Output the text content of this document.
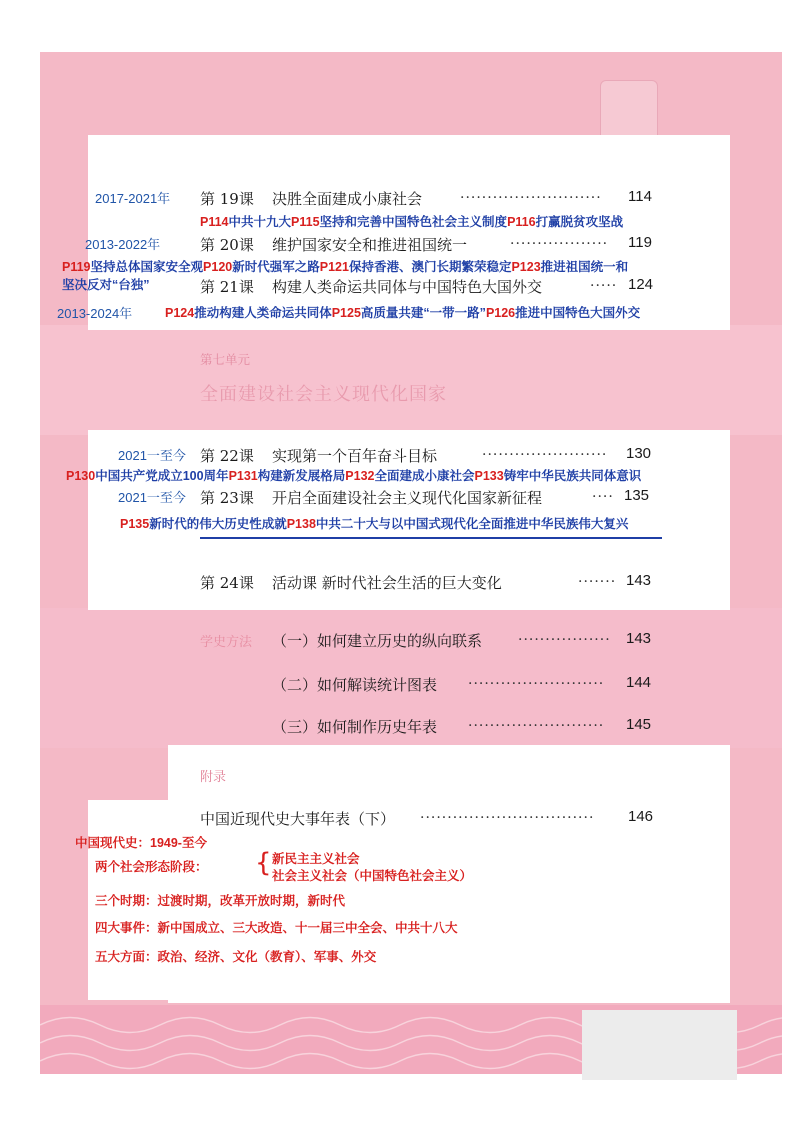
2017-2021年 第 19课 决胜全面建成小康社会	··························	114
P114中共十九大P115坚持和完善中国特色社会主义制度P116打赢脱贫攻坚战
2013-2022年	第 20课 维护国家安全和推进祖国统一	··················	119
P119坚持总体国家安全观P120新时代强军之路P121保持香港、澳门长期繁荣稳定P123推进祖国统一和
坚决反对“台独”	第 21课 构建人类命运共同体与中国特色大国外交	····· 124
2013-2024年	P124推动构建人类命运共同体P125高质量共建“一带一路”P126推进中国特色大国外交
第七单元
全面建设社会主义现代化国家
2021一至今 第 22课 实现第一个百年奋斗目标	·······················	130
P130中国共产党成立100周年P131构建新发展格局P132全面建成小康社会P133铸牢中华民族共同体意识
2021一至今 第 23课 开启全面建设社会主义现代化国家新征程	···· 135
P135新时代的伟大历史性成就P138中共二十大与以中国式现代化全面推进中华民族伟大复兴
第 24课 活动课 新时代社会生活的巨大变化	······· 143
学史方法 （一）如何建立历史的纵向联系	·················	143
（二）如何解读统计图表 ·························	144
（三）如何制作历史年表 ·························	145
附录
中国近现代史大事年表（下） ································	146
中国现代史：1949-至今
两个社会形态阶段： { 新民主主义社会
社会主义社会（中国特色社会主义）
三个时期：过渡时期，改革开放时期，新时代
四大事件：新中国成立、三大改造、十一届三中全会、中共十八大
五大方面：政治、经济、文化（教育）、军事、外交
